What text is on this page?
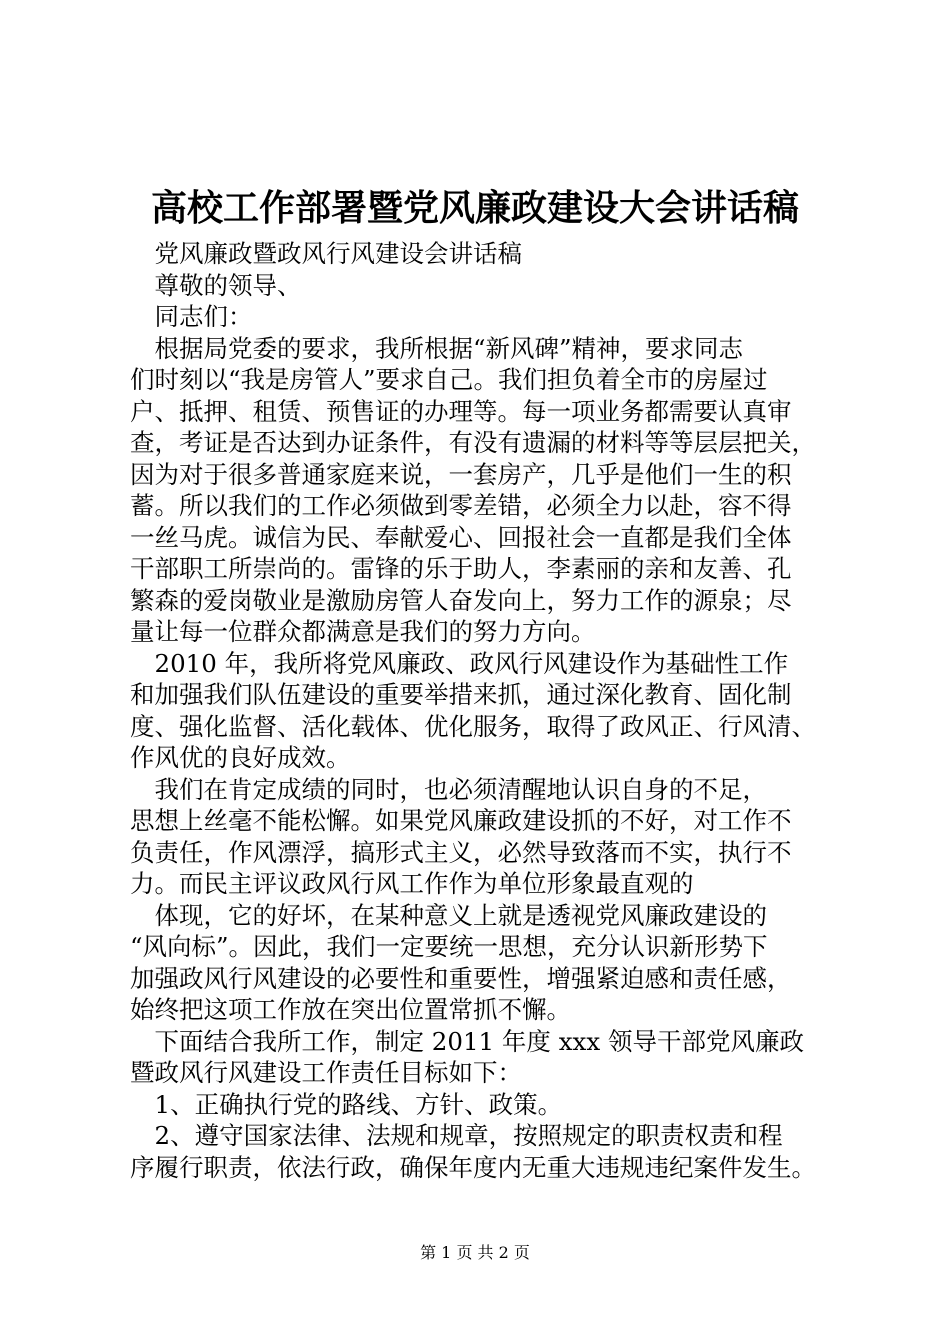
高校工作部署暨党风廉政建设大会讲话稿
　党风廉政暨政风行风建设会讲话稿
　尊敬的领导、
　同志们：
　根据局党委的要求，我所根据“新风碑”精神，要求同志
们时刻以“我是房管人”要求自己。我们担负着全市的房屋过
户、抵押、租赁、预售证的办理等。每一项业务都需要认真审
查，考证是否达到办证条件，有没有遗漏的材料等等层层把关，
因为对于很多普通家庭来说，一套房产，几乎是他们一生的积
蓄。所以我们的工作必须做到零差错，必须全力以赴，容不得
一丝马虎。诚信为民、奉献爱心、回报社会一直都是我们全体
干部职工所崇尚的。雷锋的乐于助人，李素丽的亲和友善、孔
繁森的爱岗敬业是激励房管人奋发向上，努力工作的源泉；尽
量让每一位群众都满意是我们的努力方向。
　2010 年，我所将党风廉政、政风行风建设作为基础性工作
和加强我们队伍建设的重要举措来抓，通过深化教育、固化制
度、强化监督、活化载体、优化服务，取得了政风正、行风清、
作风优的良好成效。
　我们在肯定成绩的同时，也必须清醒地认识自身的不足，
思想上丝毫不能松懈。如果党风廉政建设抓的不好，对工作不
负责任，作风漂浮，搞形式主义，必然导致落而不实，执行不
力。而民主评议政风行风工作作为单位形象最直观的
　体现，它的好坏，在某种意义上就是透视党风廉政建设的
“风向标”。因此，我们一定要统一思想，充分认识新形势下
加强政风行风建设的必要性和重要性，增强紧迫感和责任感，
始终把这项工作放在突出位置常抓不懈。
　下面结合我所工作，制定 2011 年度 xxx 领导干部党风廉政
暨政风行风建设工作责任目标如下：
　1、正确执行党的路线、方针、政策。
　2、遵守国家法律、法规和规章，按照规定的职责权责和程
序履行职责，依法行政，确保年度内无重大违规违纪案件发生。
第 1 页 共 2 页
